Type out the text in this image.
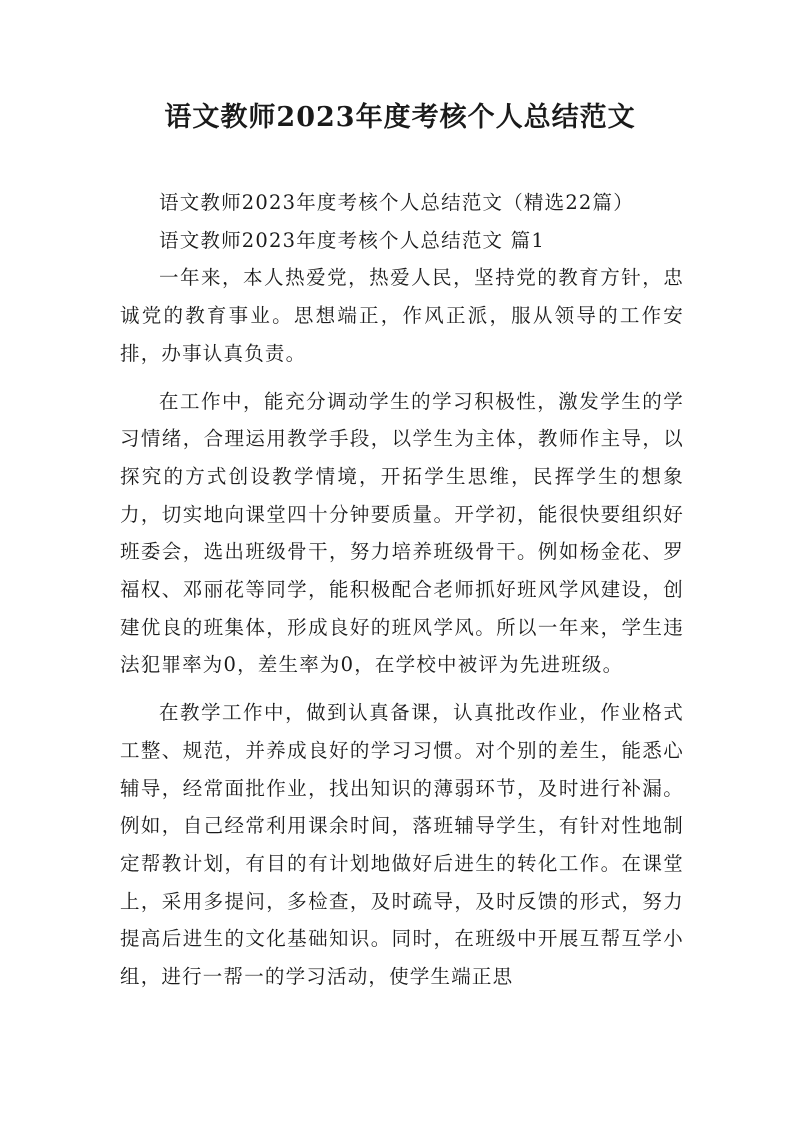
语文教师2023年度考核个人总结范文

语文教师2023年度考核个人总结范文（精选22篇）

语文教师2023年度考核个人总结范文 篇1

一年来，本人热爱党，热爱人民，坚持党的教育方针，忠诚党的教育事业。思想端正，作风正派，服从领导的工作安排，办事认真负责。

在工作中，能充分调动学生的学习积极性，激发学生的学习情绪，合理运用教学手段，以学生为主体，教师作主导，以探究的方式创设教学情境，开拓学生思维，民挥学生的想象力，切实地向课堂四十分钟要质量。开学初，能很快要组织好班委会，选出班级骨干，努力培养班级骨干。例如杨金花、罗福权、邓丽花等同学，能积极配合老师抓好班风学风建设，创建优良的班集体，形成良好的班风学风。所以一年来，学生违法犯罪率为0，差生率为0，在学校中被评为先进班级。

在教学工作中，做到认真备课，认真批改作业，作业格式工整、规范，并养成良好的学习习惯。对个别的差生，能悉心辅导，经常面批作业，找出知识的薄弱环节，及时进行补漏。例如，自己经常利用课余时间，落班辅导学生，有针对性地制定帮教计划，有目的有计划地做好后进生的转化工作。在课堂上，采用多提问，多检查，及时疏导，及时反馈的形式，努力提高后进生的文化基础知识。同时，在班级中开展互帮互学小组，进行一帮一的学习活动，使学生端正思
